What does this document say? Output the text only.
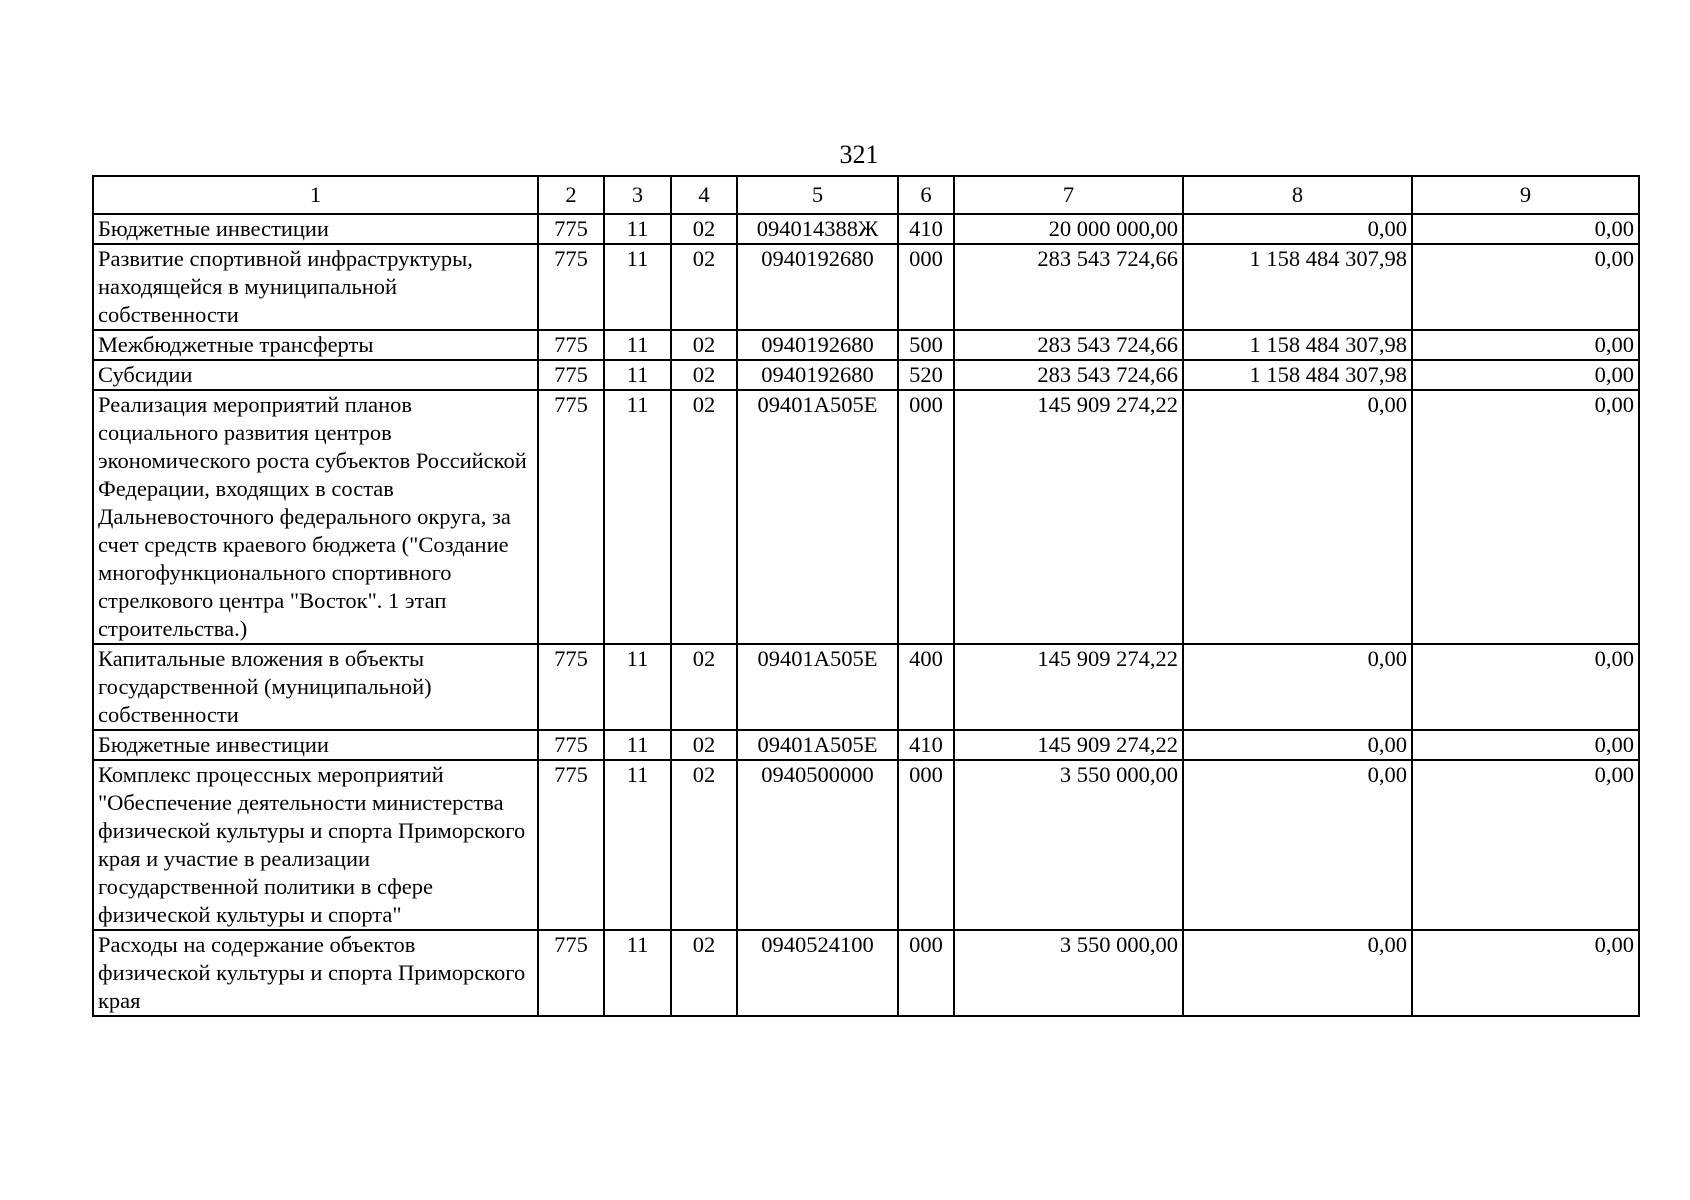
321
1	2	3	4	5	6	7	8	9
Бюджетные инвестиции	775	11	02	094014388Ж	410	20 000 000,00	0,00	0,00
Развитие спортивной инфраструктуры, находящейся в муниципальной собственности	775	11	02	0940192680	000	283 543 724,66	1 158 484 307,98	0,00
Межбюджетные трансферты	775	11	02	0940192680	500	283 543 724,66	1 158 484 307,98	0,00
Субсидии	775	11	02	0940192680	520	283 543 724,66	1 158 484 307,98	0,00
Реализация мероприятий планов социального развития центров экономического роста субъектов Российской Федерации, входящих в состав Дальневосточного федерального округа, за счет средств краевого бюджета ("Создание многофункционального спортивного стрелкового центра "Восток". 1 этап строительства.)	775	11	02	09401A505E	000	145 909 274,22	0,00	0,00
Капитальные вложения в объекты государственной (муниципальной) собственности	775	11	02	09401A505E	400	145 909 274,22	0,00	0,00
Бюджетные инвестиции	775	11	02	09401A505E	410	145 909 274,22	0,00	0,00
Комплекс процессных мероприятий "Обеспечение деятельности министерства физической культуры и спорта Приморского края и участие в реализации государственной политики в сфере физической культуры и спорта"	775	11	02	0940500000	000	3 550 000,00	0,00	0,00
Расходы на содержание объектов физической культуры и спорта Приморского края	775	11	02	0940524100	000	3 550 000,00	0,00	0,00
